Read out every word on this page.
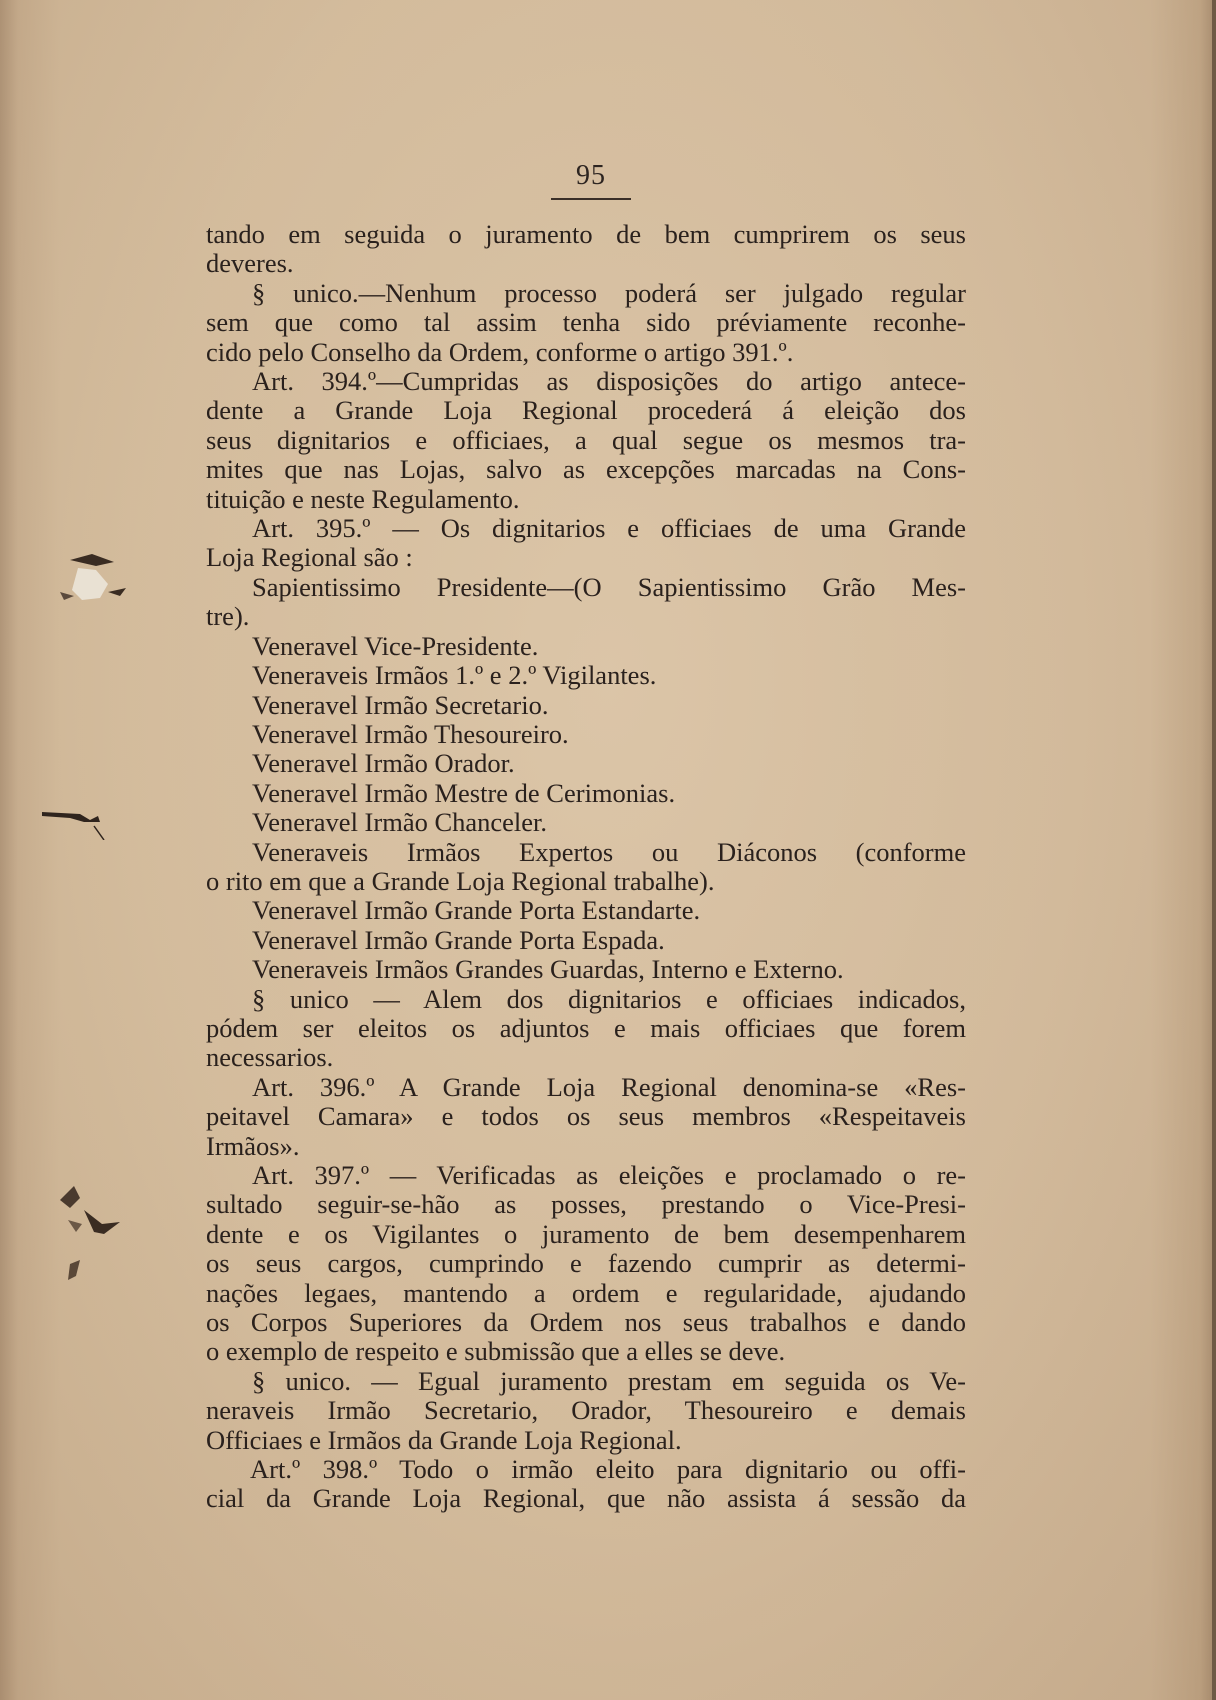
95
tando em seguida o juramento de bem cumprirem os seus
deveres.
§ unico.—Nenhum processo poderá ser julgado regular
sem que como tal assim tenha sido préviamente reconhe-
cido pelo Conselho da Ordem, conforme o artigo 391.º.
Art. 394.º—Cumpridas as disposições do artigo antece-
dente a Grande Loja Regional procederá á eleição dos
seus dignitarios e officiaes, a qual segue os mesmos tra-
mites que nas Lojas, salvo as excepções marcadas na Cons-
tituição e neste Regulamento.
Art. 395.º — Os dignitarios e officiaes de uma Grande
Loja Regional são :
Sapientissimo Presidente—(O Sapientissimo Grão Mes-
tre).
Veneravel Vice-Presidente.
Veneraveis Irmãos 1.º e 2.º Vigilantes.
Veneravel Irmão Secretario.
Veneravel Irmão Thesoureiro.
Veneravel Irmão Orador.
Veneravel Irmão Mestre de Cerimonias.
Veneravel Irmão Chanceler.
Veneraveis Irmãos Expertos ou Diáconos (conforme
o rito em que a Grande Loja Regional trabalhe).
Veneravel Irmão Grande Porta Estandarte.
Veneravel Irmão Grande Porta Espada.
Veneraveis Irmãos Grandes Guardas, Interno e Externo.
§ unico — Alem dos dignitarios e officiaes indicados,
pódem ser eleitos os adjuntos e mais officiaes que forem
necessarios.
Art. 396.º A Grande Loja Regional denomina-se «Res-
peitavel Camara» e todos os seus membros «Respeitaveis
Irmãos».
Art. 397.º — Verificadas as eleições e proclamado o re-
sultado seguir-se-hão as posses, prestando o Vice-Presi-
dente e os Vigilantes o juramento de bem desempenharem
os seus cargos, cumprindo e fazendo cumprir as determi-
nações legaes, mantendo a ordem e regularidade, ajudando
os Corpos Superiores da Ordem nos seus trabalhos e dando
o exemplo de respeito e submissão que a elles se deve.
§ unico. — Egual juramento prestam em seguida os Ve-
neraveis Irmão Secretario, Orador, Thesoureiro e demais
Officiaes e Irmãos da Grande Loja Regional.
Art.º 398.º Todo o irmão eleito para dignitario ou offi-
cial da Grande Loja Regional, que não assista á sessão da
